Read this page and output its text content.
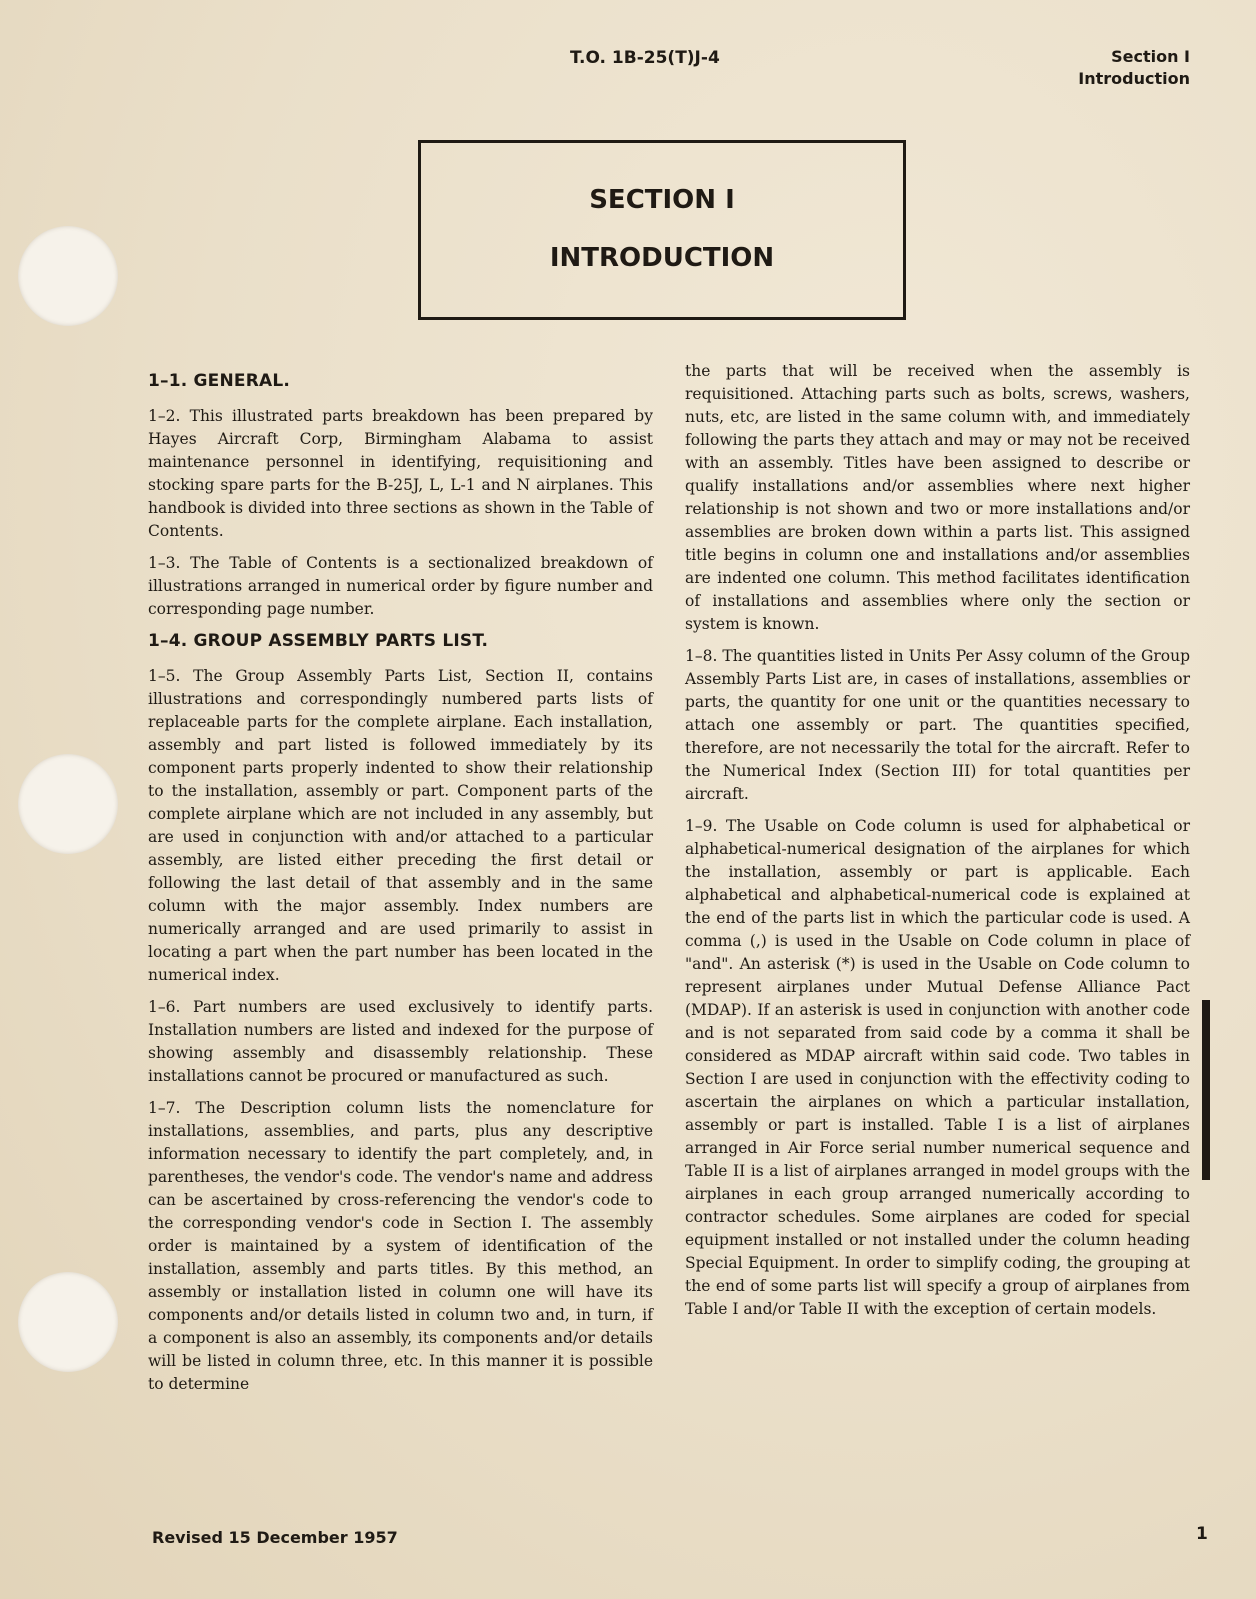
T.O. 1B-25(T)J-4	Section I
Introduction
SECTION I
INTRODUCTION
1–1. GENERAL.

1–2. This illustrated parts breakdown has been prepared by Hayes Aircraft Corp, Birmingham Alabama to assist maintenance personnel in identifying, requisitioning and stocking spare parts for the B-25J, L, L-1 and N airplanes. This handbook is divided into three sections as shown in the Table of Contents.

1–3. The Table of Contents is a sectionalized breakdown of illustrations arranged in numerical order by figure number and corresponding page number.

1–4. GROUP ASSEMBLY PARTS LIST.

1–5. The Group Assembly Parts List, Section II, contains illustrations and correspondingly numbered parts lists of replaceable parts for the complete airplane. Each installation, assembly and part listed is followed immediately by its component parts properly indented to show their relationship to the installation, assembly or part. Component parts of the complete airplane which are not included in any assembly, but are used in conjunction with and/or attached to a particular assembly, are listed either preceding the first detail or following the last detail of that assembly and in the same column with the major assembly. Index numbers are numerically arranged and are used primarily to assist in locating a part when the part number has been located in the numerical index.

1–6. Part numbers are used exclusively to identify parts. Installation numbers are listed and indexed for the purpose of showing assembly and disassembly relationship. These installations cannot be procured or manufactured as such.

1–7. The Description column lists the nomenclature for installations, assemblies, and parts, plus any descriptive information necessary to identify the part completely, and, in parentheses, the vendor's code. The vendor's name and address can be ascertained by cross-referencing the vendor's code to the corresponding vendor's code in Section I. The assembly order is maintained by a system of identification of the installation, assembly and parts titles. By this method, an assembly or installation listed in column one will have its components and/or details listed in column two and, in turn, if a component is also an assembly, its components and/or details will be listed in column three, etc. In this manner it is possible to determine

the parts that will be received when the assembly is requisitioned. Attaching parts such as bolts, screws, washers, nuts, etc, are listed in the same column with, and immediately following the parts they attach and may or may not be received with an assembly. Titles have been assigned to describe or qualify installations and/or assemblies where next higher relationship is not shown and two or more installations and/or assemblies are broken down within a parts list. This assigned title begins in column one and installations and/or assemblies are indented one column. This method facilitates identification of installations and assemblies where only the section or system is known.

1–8. The quantities listed in Units Per Assy column of the Group Assembly Parts List are, in cases of installations, assemblies or parts, the quantity for one unit or the quantities necessary to attach one assembly or part. The quantities specified, therefore, are not necessarily the total for the aircraft. Refer to the Numerical Index (Section III) for total quantities per aircraft.

1–9. The Usable on Code column is used for alphabetical or alphabetical-numerical designation of the airplanes for which the installation, assembly or part is applicable. Each alphabetical and alphabetical-numerical code is explained at the end of the parts list in which the particular code is used. A comma (,) is used in the Usable on Code column in place of "and". An asterisk (*) is used in the Usable on Code column to represent airplanes under Mutual Defense Alliance Pact (MDAP). If an asterisk is used in conjunction with another code and is not separated from said code by a comma it shall be considered as MDAP aircraft within said code. Two tables in Section I are used in conjunction with the effectivity coding to ascertain the airplanes on which a particular installation, assembly or part is installed. Table I is a list of airplanes arranged in Air Force serial number numerical sequence and Table II is a list of airplanes arranged in model groups with the airplanes in each group arranged numerically according to contractor schedules. Some airplanes are coded for special equipment installed or not installed under the column heading Special Equipment. In order to simplify coding, the grouping at the end of some parts list will specify a group of airplanes from Table I and/or Table II with the exception of certain models.

Revised 15 December 1957	1
